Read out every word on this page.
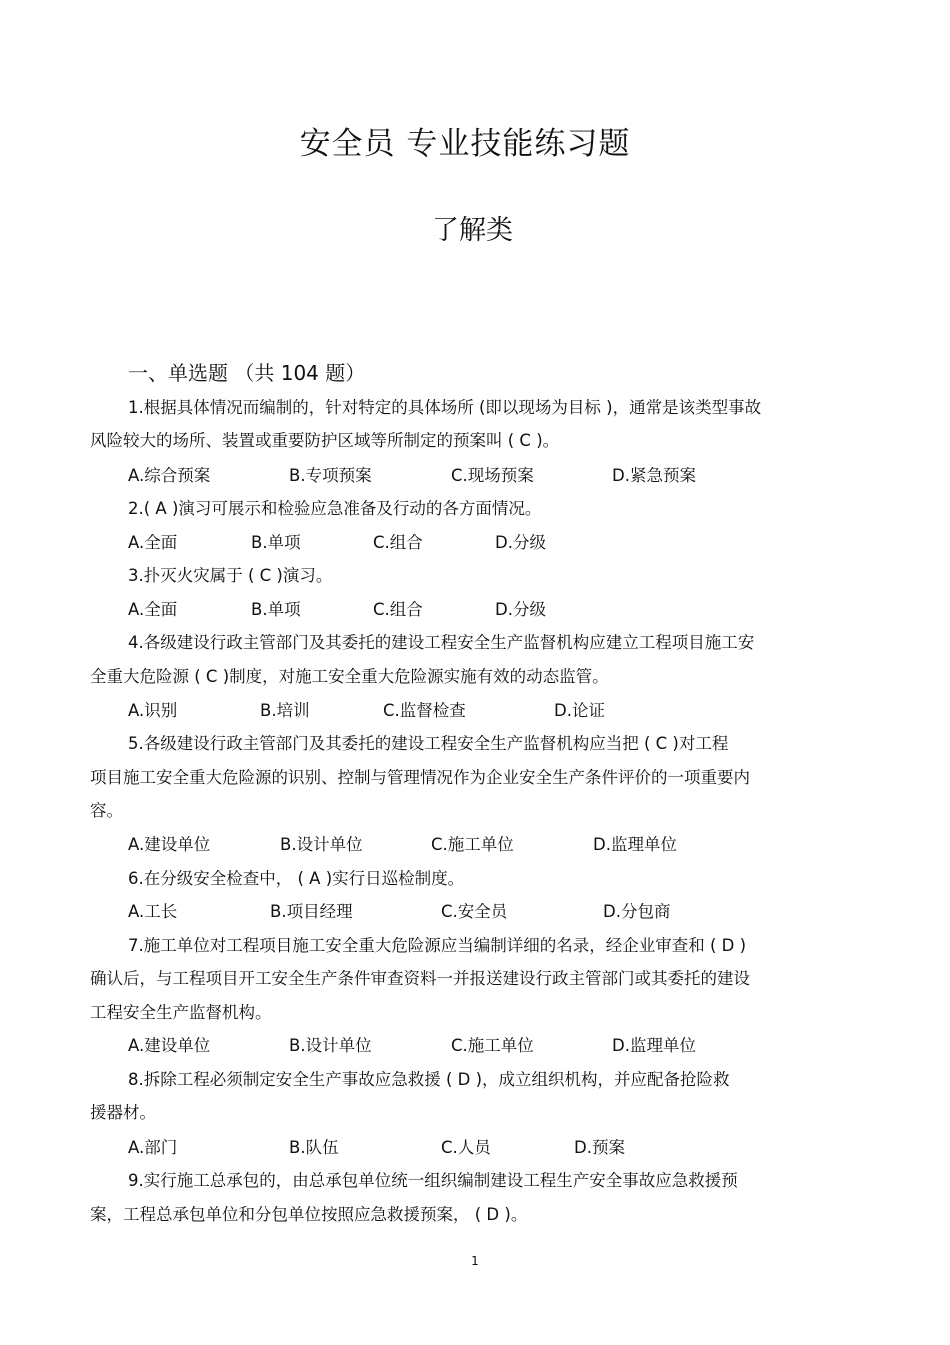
安全员 专业技能练习题
了解类
一、单选题 （共 104 题）
1.根据具体情况而编制的，针对特定的具体场所 (即以现场为目标 )，通常是该类型事故
风险较大的场所、装置或重要防护区域等所制定的预案叫 ( C )。
A.综合预案	B.专项预案	C.现场预案	D.紧急预案
2.( A )演习可展示和检验应急准备及行动的各方面情况。
A.全面	B.单项	C.组合	D.分级
3.扑灭火灾属于 ( C )演习。
A.全面	B.单项	C.组合	D.分级
4.各级建设行政主管部门及其委托的建设工程安全生产监督机构应建立工程项目施工安
全重大危险源 ( C )制度，对施工安全重大危险源实施有效的动态监管。
A.识别	B.培训	C.监督检查	D.论证
5.各级建设行政主管部门及其委托的建设工程安全生产监督机构应当把 ( C )对工程
项目施工安全重大危险源的识别、控制与管理情况作为企业安全生产条件评价的一项重要内
容。
A.建设单位	B.设计单位	C.施工单位	D.监理单位
6.在分级安全检查中， ( A )实行日巡检制度。
A.工长	B.项目经理	C.安全员	D.分包商
7.施工单位对工程项目施工安全重大危险源应当编制详细的名录，经企业审查和 ( D )
确认后，与工程项目开工安全生产条件审查资料一并报送建设行政主管部门或其委托的建设
工程安全生产监督机构。
A.建设单位	B.设计单位	C.施工单位	D.监理单位
8.拆除工程必须制定安全生产事故应急救援 ( D )，成立组织机构，并应配备抢险救
援器材。
A.部门	B.队伍	C.人员	D.预案
9.实行施工总承包的，由总承包单位统一组织编制建设工程生产安全事故应急救援预
案，工程总承包单位和分包单位按照应急救援预案， ( D )。
1
